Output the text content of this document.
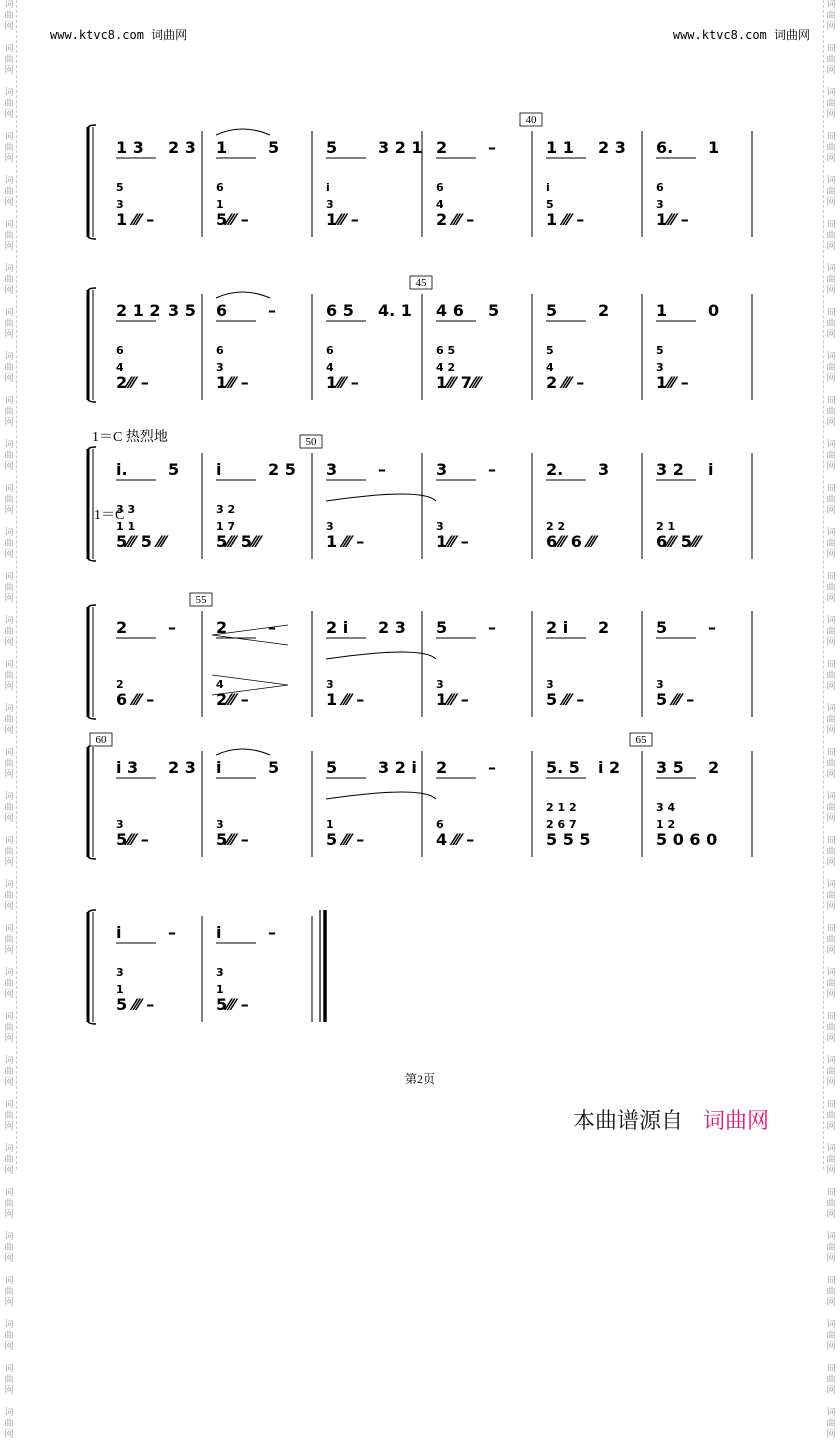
词
曲
网

词
曲
网

词
曲
网

词
曲
网

词
曲
网

词
曲
网

词
曲
网

词
曲
网

词
曲
网

词
曲
网

词
曲
网

词
曲
网

词
曲
网

词
曲
网

词
曲
网

词
曲
网

词
曲
网

词
曲
网

词
曲
网

词
曲
网

词
曲
网

词
曲
网

词
曲
网

词
曲
网

词
曲
网

词
曲
网

词
曲
网

词
曲
网

词
曲
网

词
曲
网

词
曲
网

词
曲
网

词
曲
网

词
曲
网

词
曲
网

词
曲
网

词
曲
网

词
曲
网

词
曲
网

词
曲
网

词
曲
网

词
曲
网

词
曲
网

词
曲
网

词
曲
网

词
曲
网

词
曲
网

词
曲
网

词
曲
网

词
曲
网

词
曲
网

词
曲
网

词
曲
网

词
曲
网

词
曲
网

词
曲
网

词
曲
网

词
曲
网

词
曲
网

词
曲
网

词
曲
网

词
曲
网

词
曲
网

词
曲
网

词
曲
网

词
曲
网

www.ktvc8.com 词曲网	www.ktvc8.com 词曲网
40
1 3 2 3 1	5	5	3 2 1 2	–	1 1 2 3 6. 1
5
3
1 ⁄⁄⁄ –
6
1
5⁄⁄⁄ –
i
3
1⁄⁄⁄ –
6
4
2 ⁄⁄⁄ –
i
5
1 ⁄⁄⁄ –
6
3
1⁄⁄⁄ –
45
2 1 2 3 5 6	–	6 5 4. 1 4 6 5	5	2	1	0
6
4
2⁄⁄⁄ –
6
3
1⁄⁄⁄ –
6
4
1⁄⁄⁄ –
6 5
4 2
1⁄⁄⁄ 7⁄⁄⁄
5
4
2 ⁄⁄⁄ –
5
3
1⁄⁄⁄ –
50
i.	5 i	2 5 3	–	3	–	2. 3	3 2 i
3 3
1 1
5⁄⁄⁄ 5 ⁄⁄⁄
3 2
1 7
5⁄⁄⁄ 5⁄⁄⁄
3
1 ⁄⁄⁄ –
3
1⁄⁄⁄ –
2 2
6⁄⁄⁄ 6 ⁄⁄⁄
2 1
6⁄⁄⁄ 5⁄⁄⁄
1＝C 热烈地
1＝C
55
2	–	2	–	2 i 2 3 5	–	2 i 2	5	–
2
6 ⁄⁄⁄ –
4
2⁄⁄⁄ –
3
1 ⁄⁄⁄ –
3
1⁄⁄⁄ –
3
5 ⁄⁄⁄ –
3
5 ⁄⁄⁄ –
60	65
i 3 2 3 i	5	5	3 2 i 2	–	5. 5 i 2 3 5 2
3
5⁄⁄⁄ –
3
5⁄⁄⁄ –
1
5 ⁄⁄⁄ –
6
4 ⁄⁄⁄ –
2 1 2
2 6 7
5 5 5
3 4
1 2
5 0 6 0
i	–	i	–
3
1
5 ⁄⁄⁄ –
3
1
5⁄⁄⁄ –
第2页
本曲谱源自 词曲网
